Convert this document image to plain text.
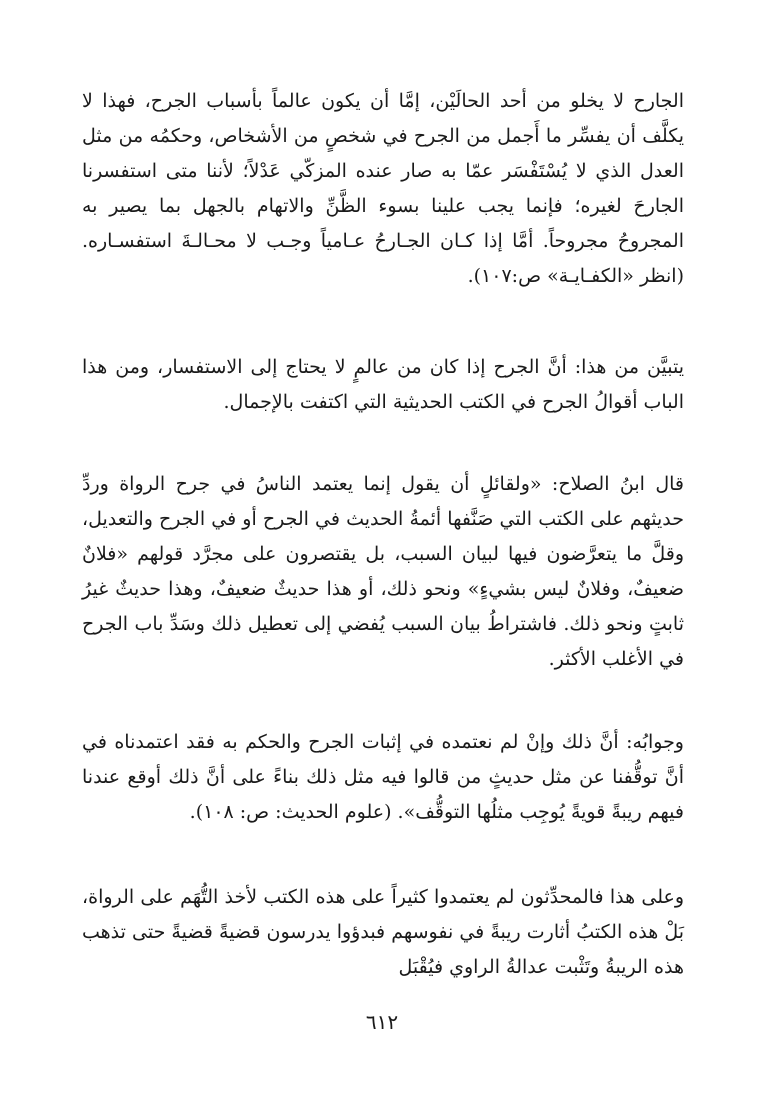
الجارح لا يخلو من أحد الحالَيْن، إمَّا أن يكون عالماً بأسباب الجرح، فهذا لا يكلَّف أن يفسِّر ما أَجمل من الجرح في شخصٍ من الأشخاص، وحكمُه من مثل العدل الذي لا يُسْتَفْسَر عمّا به صار عنده المزكّي عَدْلاً؛ لأننا متى استفسرنا الجارحَ لغيره؛ فإنما يجب علينا بسوء الظَّنِّ والاتهام بالجهل بما يصير به المجروحُ مجروحاً. أمَّا إذا كـان الجـارحُ عـامياً وجـب لا محـالـةَ استفسـاره. (انظر «الكفـايـة» ص:١٠٧).

يتبيَّن من هذا: أنَّ الجرح إذا كان من عالمٍ لا يحتاج إلى الاستفسار، ومن هذا الباب أقوالُ الجرح في الكتب الحديثية التي اكتفت بالإجمال.

قال ابنُ الصلاح: «ولقائلٍ أن يقول إنما يعتمد الناسُ في جرح الرواة وردِّ حديثهم على الكتب التي صَنَّفها أئمةُ الحديث في الجرح أو في الجرح والتعديل، وقلَّ ما يتعرَّضون فيها لبيان السبب، بل يقتصرون على مجرَّد قولهم «فلانٌ ضعيفٌ، وفلانٌ ليس بشيءٍ» ونحو ذلك، أو هذا حديثٌ ضعيفٌ، وهذا حديثٌ غيرُ ثابتٍ ونحو ذلك. فاشتراطُ بيان السبب يُفضي إلى تعطيل ذلك وسَدِّ باب الجرح في الأغلب الأكثر.

وجوابُه: أنَّ ذلك وإنْ لم نعتمده في إثبات الجرح والحكم به فقد اعتمدناه في أنَّ توقُّفنا عن مثل حديثٍ من قالوا فيه مثل ذلك بناءً على أنَّ ذلك أوقع عندنا فيهم ريبةً قويةً يُوجِب مثلُها التوقُّف». (علوم الحديث: ص: ١٠٨).

وعلى هذا فالمحدِّثون لم يعتمدوا كثيراً على هذه الكتب لأخذ التُّهَم على الرواة، بَلْ هذه الكتبُ أثارت ريبةً في نفوسهم فبدؤوا يدرسون قضيةً قضيةً حتى تذهب هذه الريبةُ وتَثْبت عدالةُ الراوي فيُقْبَل

٦١٢
